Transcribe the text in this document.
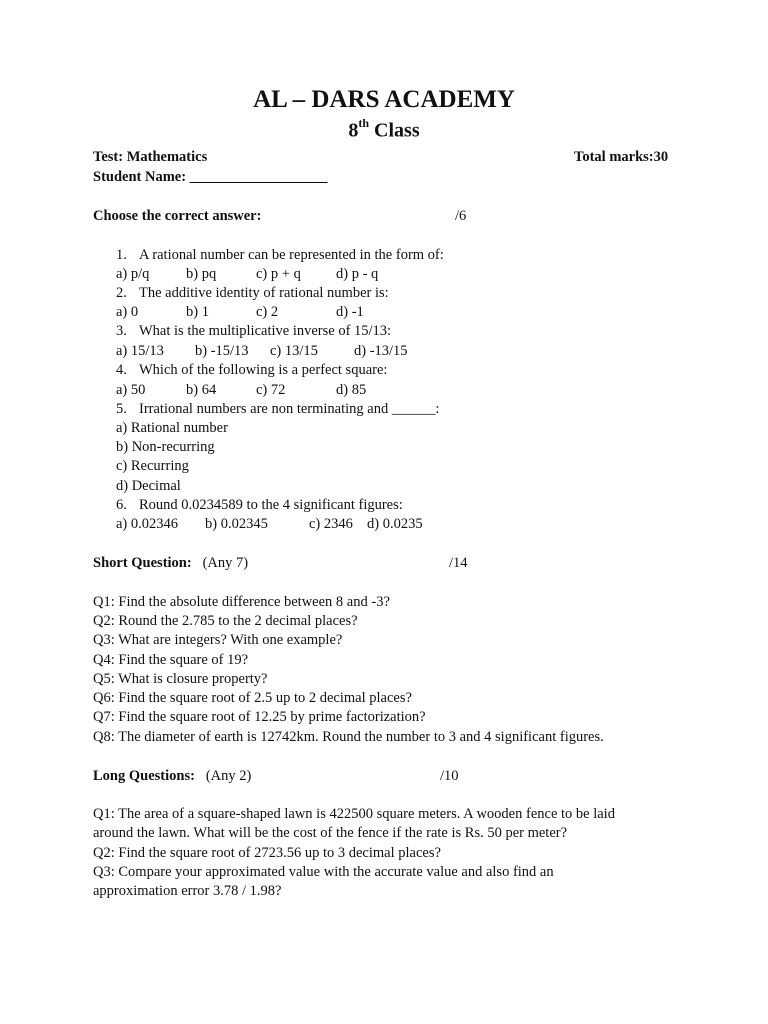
AL – DARS ACADEMY
8th Class
Test: Mathematics	Total marks:30
Student Name: ___________________
Choose the correct answer:	/6
1. A rational number can be represented in the form of:
a) p/q	b) pq	c) p + q d) p - q
2. The additive identity of rational number is:
a) 0	b) 1	c) 2	d) -1
3. What is the multiplicative inverse of 15/13:
a) 15/13 b) -15/13 c) 13/15 d) -13/15
4. Which of the following is a perfect square:
a) 50	b) 64	c) 72	d) 85
5. Irrational numbers are non terminating and ______:
a) Rational number
b) Non-recurring
c) Recurring
d) Decimal
6. Round 0.0234589 to the 4 significant figures:
a) 0.02346 b) 0.02345	c) 2346 d) 0.0235
Short Question: (Any 7)	/14
Q1: Find the absolute difference between 8 and -3?
Q2: Round the 2.785 to the 2 decimal places?
Q3: What are integers? With one example?
Q4: Find the square of 19?
Q5: What is closure property?
Q6: Find the square root of 2.5 up to 2 decimal places?
Q7: Find the square root of 12.25 by prime factorization?
Q8: The diameter of earth is 12742km. Round the number to 3 and 4 significant figures.
Long Questions: (Any 2)	/10
Q1: The area of a square-shaped lawn is 422500 square meters. A wooden fence to be laid
around the lawn. What will be the cost of the fence if the rate is Rs. 50 per meter?
Q2: Find the square root of 2723.56 up to 3 decimal places?
Q3: Compare your approximated value with the accurate value and also find an
approximation error 3.78 / 1.98?
